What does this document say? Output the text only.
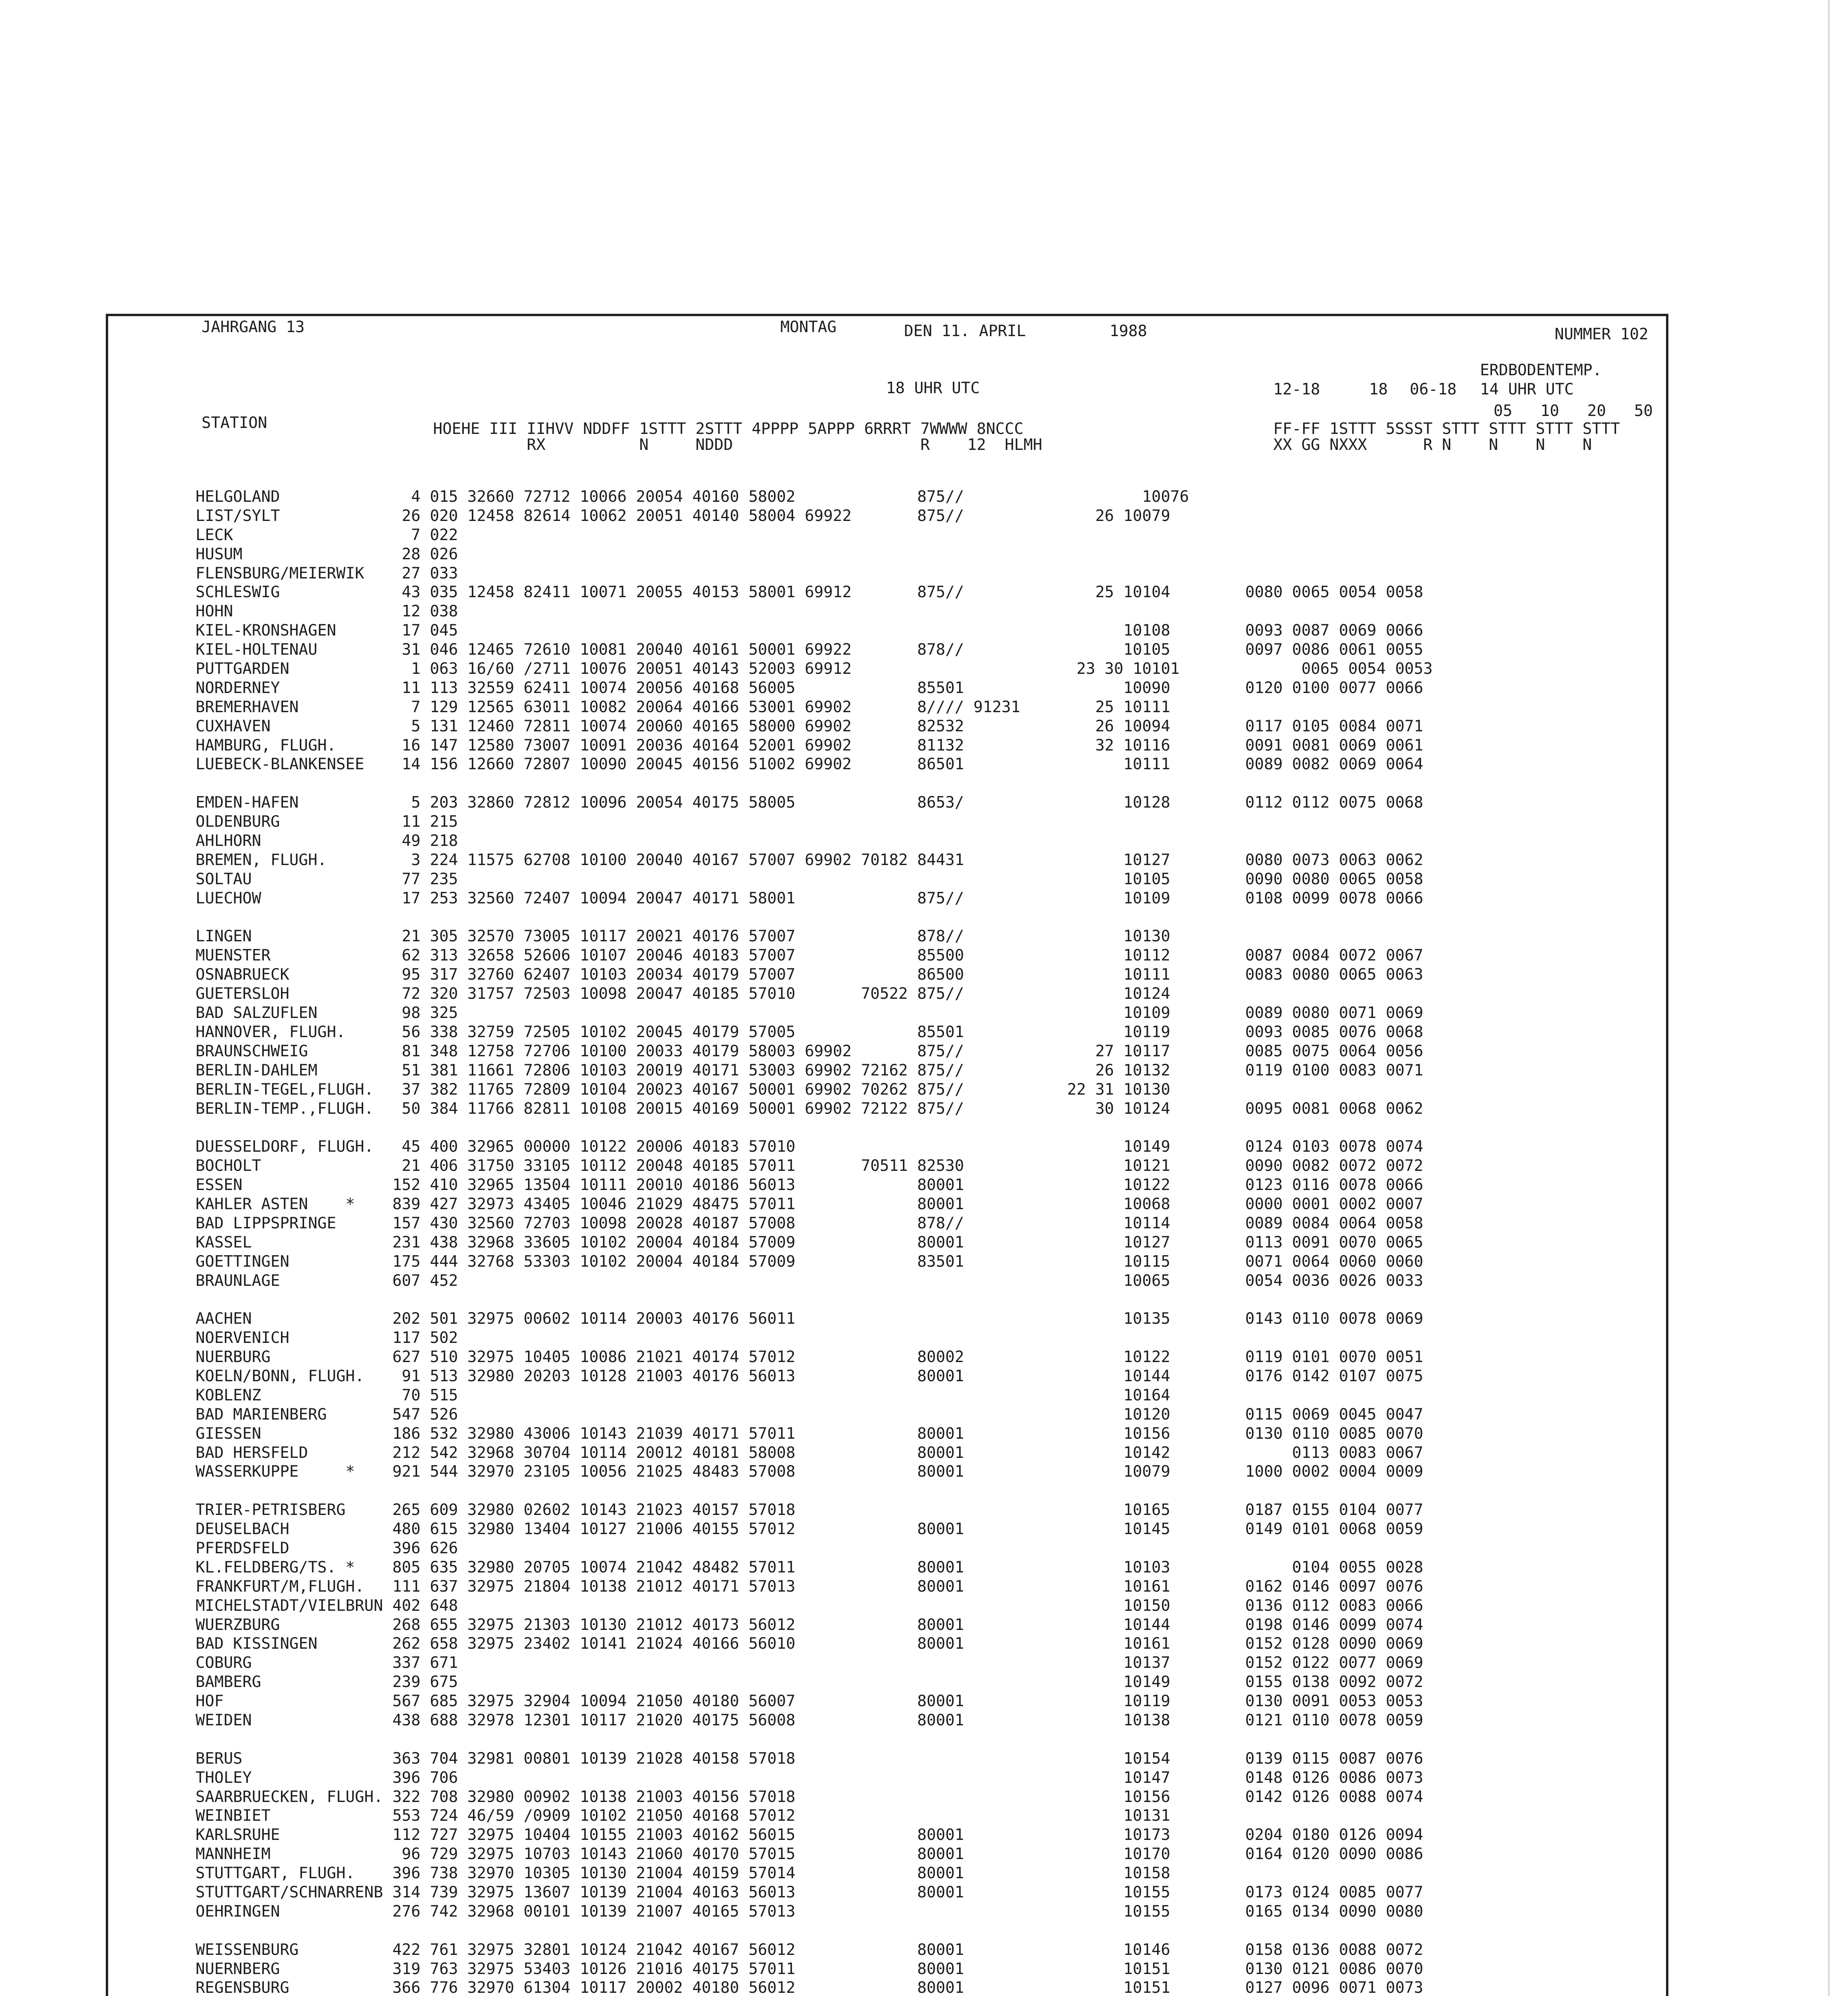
JAHRGANG 13	MONTAG	DEN 11. APRIL	1988	NUMMER 102
18 UHR UTC
ERDBODENTEMP.
12-18	18 06-18 14 UHR UTC
05   10   20   50
STATION	HOEHE III IIHVV NDDFF 1STTT 2STTT 4PPPP 5APPP 6RRRT 7WWWW 8NCCC
RX          N     NDDD                    R    12  HLMH
FF-FF 1STTT 5SSST STTT STTT STTT STTT
XX GG NXXX      R N    N    N    N

HELGOLAND              4 015 32660 72712 10066 20054 40160 58002             875//                   10076
LIST/SYLT             26 020 12458 82614 10062 20051 40140 58004 69922       875//              26 10079
LECK                   7 022
HUSUM                 28 026
FLENSBURG/MEIERWIK    27 033
SCHLESWIG             43 035 12458 82411 10071 20055 40153 58001 69912       875//              25 10104        0080 0065 0054 0058
HOHN                  12 038
KIEL-KRONSHAGEN       17 045                                                                       10108        0093 0087 0069 0066
KIEL-HOLTENAU         31 046 12465 72610 10081 20040 40161 50001 69922       878//                 10105        0097 0086 0061 0055
PUTTGARDEN             1 063 16/60 /2711 10076 20051 40143 52003 69912                        23 30 10101             0065 0054 0053
NORDERNEY             11 113 32559 62411 10074 20056 40168 56005             85501                 10090        0120 0100 0077 0066
BREMERHAVEN            7 129 12565 63011 10082 20064 40166 53001 69902       8//// 91231        25 10111
CUXHAVEN               5 131 12460 72811 10074 20060 40165 58000 69902       82532              26 10094        0117 0105 0084 0071
HAMBURG, FLUGH.       16 147 12580 73007 10091 20036 40164 52001 69902       81132              32 10116        0091 0081 0069 0061
LUEBECK-BLANKENSEE    14 156 12660 72807 10090 20045 40156 51002 69902       86501                 10111        0089 0082 0069 0064
EMDEN-HAFEN            5 203 32860 72812 10096 20054 40175 58005             8653/                 10128        0112 0112 0075 0068
OLDENBURG             11 215
AHLHORN               49 218
BREMEN, FLUGH.         3 224 11575 62708 10100 20040 40167 57007 69902 70182 84431                 10127        0080 0073 0063 0062
SOLTAU                77 235                                                                       10105        0090 0080 0065 0058
LUECHOW               17 253 32560 72407 10094 20047 40171 58001             875//                 10109        0108 0099 0078 0066
LINGEN                21 305 32570 73005 10117 20021 40176 57007             878//                 10130
MUENSTER              62 313 32658 52606 10107 20046 40183 57007             85500                 10112        0087 0084 0072 0067
OSNABRUECK            95 317 32760 62407 10103 20034 40179 57007             86500                 10111        0083 0080 0065 0063
GUETERSLOH            72 320 31757 72503 10098 20047 40185 57010       70522 875//                 10124
BAD SALZUFLEN         98 325                                                                       10109        0089 0080 0071 0069
HANNOVER, FLUGH.      56 338 32759 72505 10102 20045 40179 57005             85501                 10119        0093 0085 0076 0068
BRAUNSCHWEIG          81 348 12758 72706 10100 20033 40179 58003 69902       875//              27 10117        0085 0075 0064 0056
BERLIN-DAHLEM         51 381 11661 72806 10103 20019 40171 53003 69902 72162 875//              26 10132        0119 0100 0083 0071
BERLIN-TEGEL,FLUGH.   37 382 11765 72809 10104 20023 40167 50001 69902 70262 875//           22 31 10130
BERLIN-TEMP.,FLUGH.   50 384 11766 82811 10108 20015 40169 50001 69902 72122 875//              30 10124        0095 0081 0068 0062
DUESSELDORF, FLUGH.   45 400 32965 00000 10122 20006 40183 57010                                   10149        0124 0103 0078 0074
BOCHOLT               21 406 31750 33105 10112 20048 40185 57011       70511 82530                 10121        0090 0082 0072 0072
ESSEN                152 410 32965 13504 10111 20010 40186 56013             80001                 10122        0123 0116 0078 0066
KAHLER ASTEN    *    839 427 32973 43405 10046 21029 48475 57011             80001                 10068        0000 0001 0002 0007
BAD LIPPSPRINGE      157 430 32560 72703 10098 20028 40187 57008             878//                 10114        0089 0084 0064 0058
KASSEL               231 438 32968 33605 10102 20004 40184 57009             80001                 10127        0113 0091 0070 0065
GOETTINGEN           175 444 32768 53303 10102 20004 40184 57009             83501                 10115        0071 0064 0060 0060
BRAUNLAGE            607 452                                                                       10065        0054 0036 0026 0033
AACHEN               202 501 32975 00602 10114 20003 40176 56011                                   10135        0143 0110 0078 0069
NOERVENICH           117 502
NUERBURG             627 510 32975 10405 10086 21021 40174 57012             80002                 10122        0119 0101 0070 0051
KOELN/BONN, FLUGH.    91 513 32980 20203 10128 21003 40176 56013             80001                 10144        0176 0142 0107 0075
KOBLENZ               70 515                                                                       10164
BAD MARIENBERG       547 526                                                                       10120        0115 0069 0045 0047
GIESSEN              186 532 32980 43006 10143 21039 40171 57011             80001                 10156        0130 0110 0085 0070
BAD HERSFELD         212 542 32968 30704 10114 20012 40181 58008             80001                 10142             0113 0083 0067
WASSERKUPPE     *    921 544 32970 23105 10056 21025 48483 57008             80001                 10079        1000 0002 0004 0009
TRIER-PETRISBERG     265 609 32980 02602 10143 21023 40157 57018                                   10165        0187 0155 0104 0077
DEUSELBACH           480 615 32980 13404 10127 21006 40155 57012             80001                 10145        0149 0101 0068 0059
PFERDSFELD           396 626
KL.FELDBERG/TS. *    805 635 32980 20705 10074 21042 48482 57011             80001                 10103             0104 0055 0028
FRANKFURT/M,FLUGH.   111 637 32975 21804 10138 21012 40171 57013             80001                 10161        0162 0146 0097 0076
MICHELSTADT/VIELBRUN 402 648                                                                       10150        0136 0112 0083 0066
WUERZBURG            268 655 32975 21303 10130 21012 40173 56012             80001                 10144        0198 0146 0099 0074
BAD KISSINGEN        262 658 32975 23402 10141 21024 40166 56010             80001                 10161        0152 0128 0090 0069
COBURG               337 671                                                                       10137        0152 0122 0077 0069
BAMBERG              239 675                                                                       10149        0155 0138 0092 0072
HOF                  567 685 32975 32904 10094 21050 40180 56007             80001                 10119        0130 0091 0053 0053
WEIDEN               438 688 32978 12301 10117 21020 40175 56008             80001                 10138        0121 0110 0078 0059
BERUS                363 704 32981 00801 10139 21028 40158 57018                                   10154        0139 0115 0087 0076
THOLEY               396 706                                                                       10147        0148 0126 0086 0073
SAARBRUECKEN, FLUGH. 322 708 32980 00902 10138 21003 40156 57018                                   10156        0142 0126 0088 0074
WEINBIET             553 724 46/59 /0909 10102 21050 40168 57012                                   10131
KARLSRUHE            112 727 32975 10404 10155 21003 40162 56015             80001                 10173        0204 0180 0126 0094
MANNHEIM              96 729 32975 10703 10143 21060 40170 57015             80001                 10170        0164 0120 0090 0086
STUTTGART, FLUGH.    396 738 32970 10305 10130 21004 40159 57014             80001                 10158
STUTTGART/SCHNARRENB 314 739 32975 13607 10139 21004 40163 56013             80001                 10155        0173 0124 0085 0077
OEHRINGEN            276 742 32968 00101 10139 21007 40165 57013                                   10155        0165 0134 0090 0080
WEISSENBURG          422 761 32975 32801 10124 21042 40167 56012             80001                 10146        0158 0136 0088 0072
NUERNBERG            319 763 32975 53403 10126 21016 40175 57011             80001                 10151        0130 0121 0086 0070
REGENSBURG           366 776 32970 61304 10117 20002 40180 56012             80001                 10151        0127 0096 0071 0073
